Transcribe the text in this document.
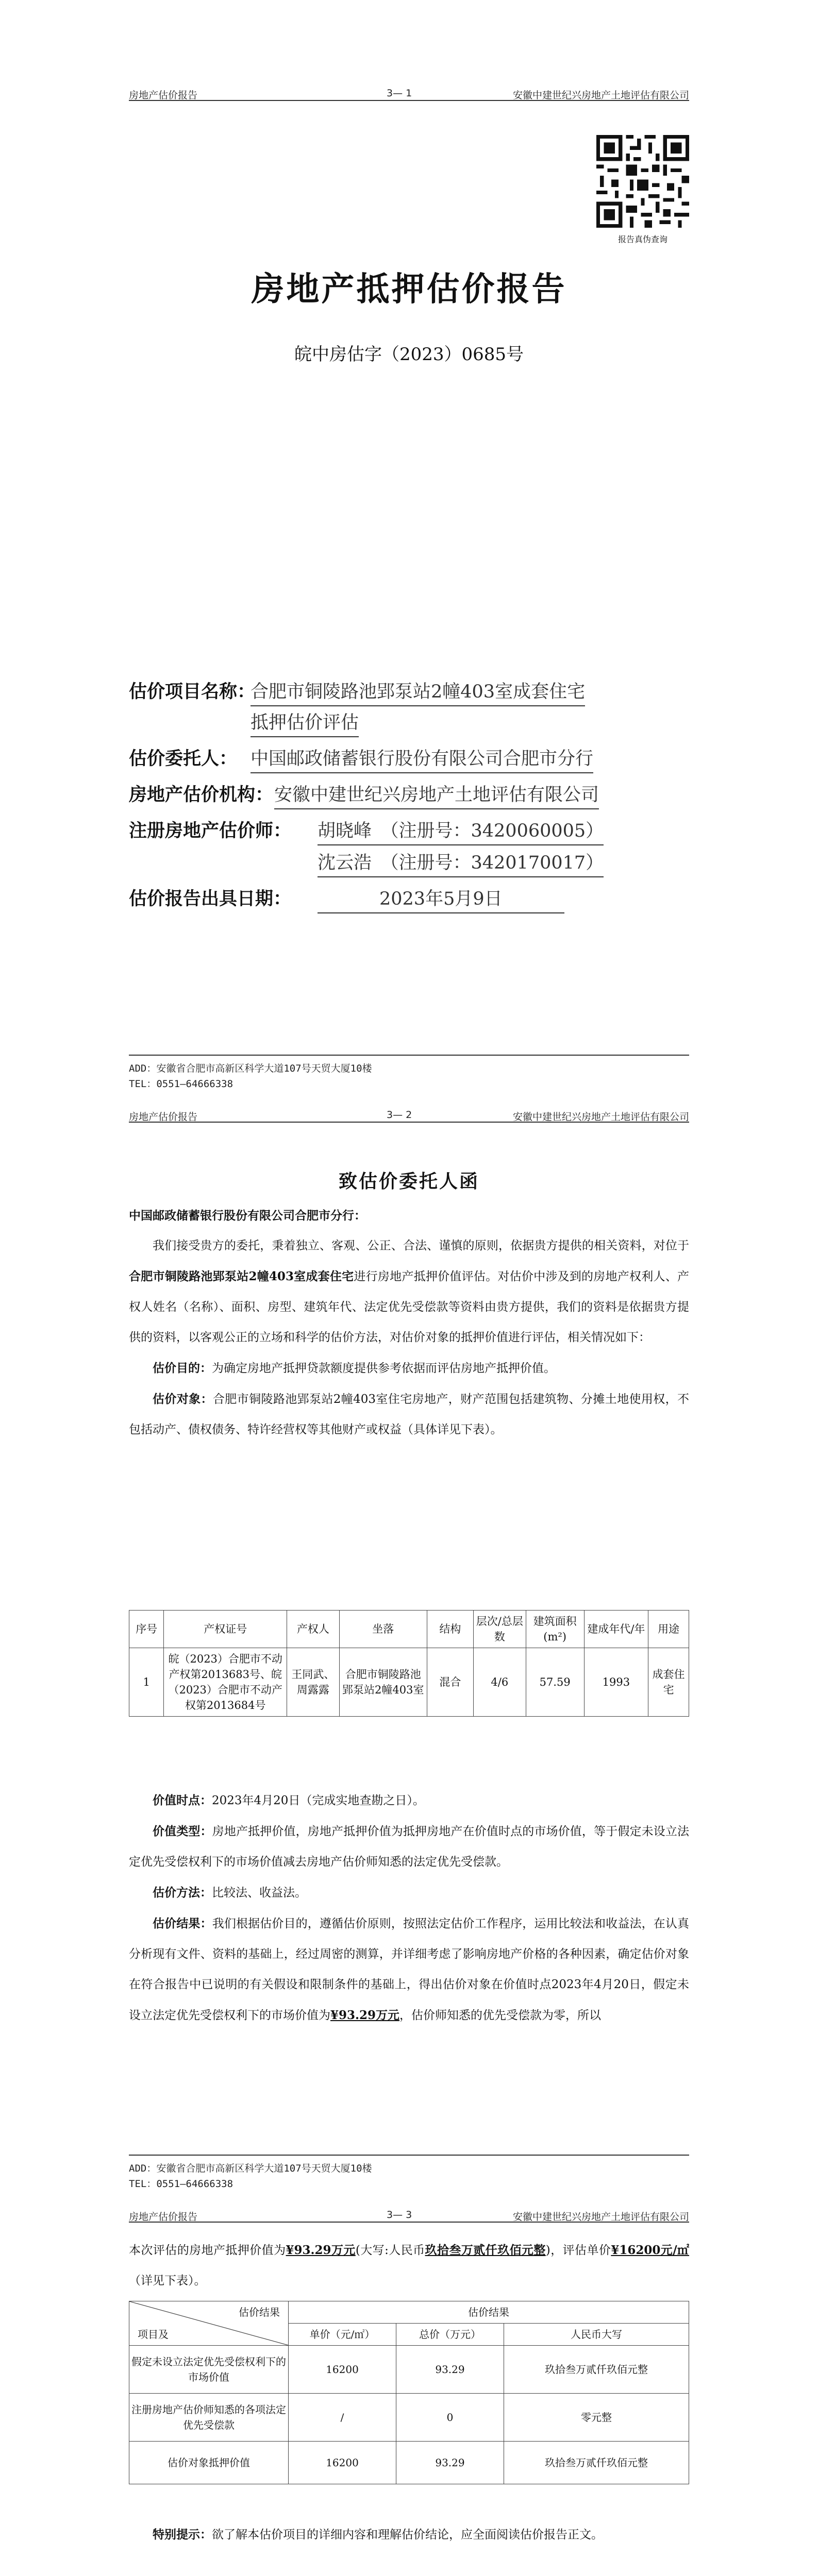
房地产估价报告	3— 1	安徽中建世纪兴房地产土地评估有限公司
报告真伪查询
房地产抵押估价报告
皖中房估字（2023）0685号
估价项目名称：
合肥市铜陵路池郢泵站2幢403室成套住宅
抵押估价评估
估价委托人： 中国邮政储蓄银行股份有限公司合肥市分行
房地产估价机构： 安徽中建世纪兴房地产土地评估有限公司
注册房地产估价师： 胡晓峰　（注册号：3420060005）
沈云浩　（注册号：3420170017）
估价报告出具日期：	2023年5月9日
ADD：安徽省合肥市高新区科学大道107号天贸大厦10楼
TEL：0551—64666338
房地产估价报告	3— 2	安徽中建世纪兴房地产土地评估有限公司
致估价委托人函

中国邮政储蓄银行股份有限公司合肥市分行：

我们接受贵方的委托，秉着独立、客观、公正、合法、谨慎的原则，依据贵方提供的相关资料，对位于合肥市铜陵路池郢泵站2幢403室成套住宅进行房地产抵押价值评估。对估价中涉及到的房地产权利人、产权人姓名（名称）、面积、房型、建筑年代、法定优先受偿款等资料由贵方提供，我们的资料是依据贵方提供的资料，以客观公正的立场和科学的估价方法，对估价对象的抵押价值进行评估，相关情况如下：

估价目的：为确定房地产抵押贷款额度提供参考依据而评估房地产抵押价值。

估价对象：合肥市铜陵路池郢泵站2幢403室住宅房地产，财产范围包括建筑物、分摊土地使用权，不包括动产、债权债务、特许经营权等其他财产或权益（具体详见下表）。

序号	产权证号	产权人	坐落	结构	层次/总层数	建筑面积(m²)	建成年代/年	用途
1	皖（2023）合肥市不动产权第2013683号、皖（2023）合肥市不动产权第2013684号	王同武、周露露	合肥市铜陵路池郢泵站2幢403室	混合	4/6	57.59	1993	成套住宅

价值时点：2023年4月20日（完成实地查勘之日）。

价值类型：房地产抵押价值，房地产抵押价值为抵押房地产在价值时点的市场价值，等于假定未设立法定优先受偿权利下的市场价值减去房地产估价师知悉的法定优先受偿款。

估价方法：比较法、收益法。

估价结果：我们根据估价目的，遵循估价原则，按照法定估价工作程序，运用比较法和收益法，在认真分析现有文件、资料的基础上，经过周密的测算，并详细考虑了影响房地产价格的各种因素，确定估价对象在符合报告中已说明的有关假设和限制条件的基础上，得出估价对象在价值时点2023年4月20日，假定未设立法定优先受偿权利下的市场价值为¥93.29万元，估价师知悉的优先受偿款为零，所以

ADD：安徽省合肥市高新区科学大道107号天贸大厦10楼
TEL：0551—64666338
房地产估价报告	3— 3	安徽中建世纪兴房地产土地评估有限公司

本次评估的房地产抵押价值为¥93.29万元(大写:人民币玖拾叁万贰仟玖佰元整)，评估单价¥16200元/㎡（详见下表）。

估价结果
项目及	估价结果		
	单价（元/㎡）	总价（万元）	人民币大写
假定未设立法定优先受偿权利下的市场价值	16200	93.29	玖拾叁万贰仟玖佰元整
注册房地产估价师知悉的各项法定优先受偿款	/	0	零元整
估价对象抵押价值	16200	93.29	玖拾叁万贰仟玖佰元整

特别提示：欲了解本估价项目的详细内容和理解估价结论，应全面阅读估价报告正文。
